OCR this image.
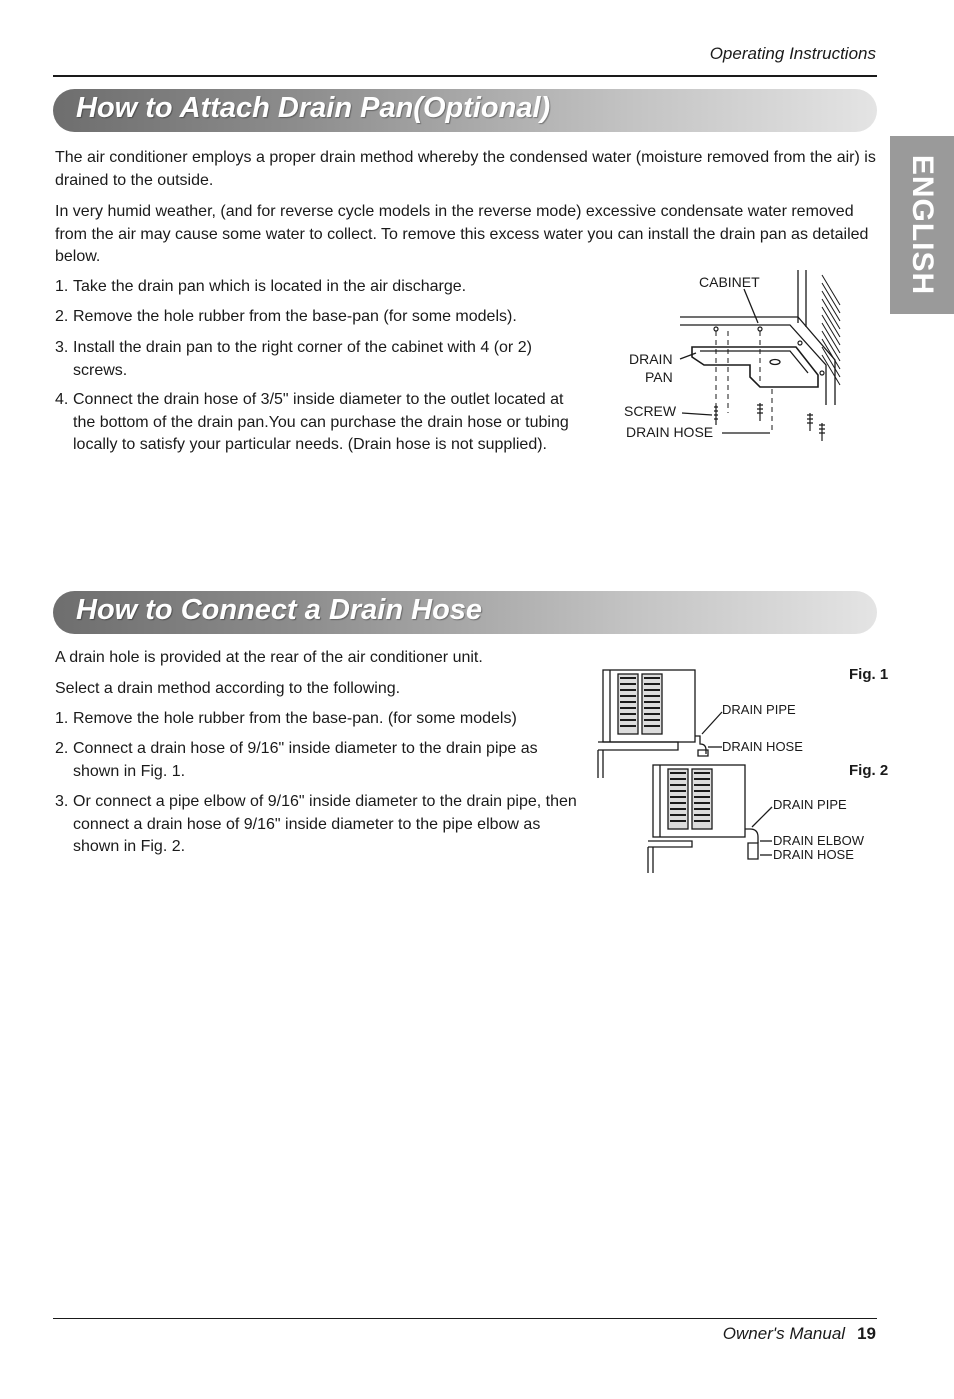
Operating Instructions
ENGLISH
How to Attach Drain Pan(Optional)
The air conditioner employs a proper drain method whereby the condensed water (moisture removed from the air) is drained to the outside.
In very humid weather, (and for reverse cycle models in the reverse mode) excessive condensate water removed from the air may cause some water to collect. To remove this excess water you can install the drain pan as detailed below.
1. Take the drain pan which is located in the air discharge.
2. Remove the hole rubber from the base-pan (for some models).
3. Install the drain pan to the right corner of the cabinet with 4 (or 2) screws.
4. Connect the drain hose of 3/5" inside diameter to the outlet located at the bottom of the drain pan.You can purchase the drain hose or tubing locally to satisfy your particular needs. (Drain hose is not supplied).
CABINET
DRAIN
PAN
SCREW
DRAIN HOSE
How to Connect a Drain Hose
A drain hole is provided at the rear of the air conditioner unit.
Select a drain method according to the following.
1. Remove the hole rubber from the base-pan. (for some models)
2. Connect a drain hose of 9/16" inside diameter to the drain pipe as shown in Fig. 1.
3. Or connect a pipe elbow of 9/16" inside diameter to the drain pipe, then connect a drain hose of 9/16" inside diameter to the pipe elbow as shown in Fig. 2.
DRAIN PIPE
DRAIN HOSE
Fig. 1
DRAIN PIPE
DRAIN ELBOW
DRAIN HOSE
Fig. 2
Owner's Manual 19
